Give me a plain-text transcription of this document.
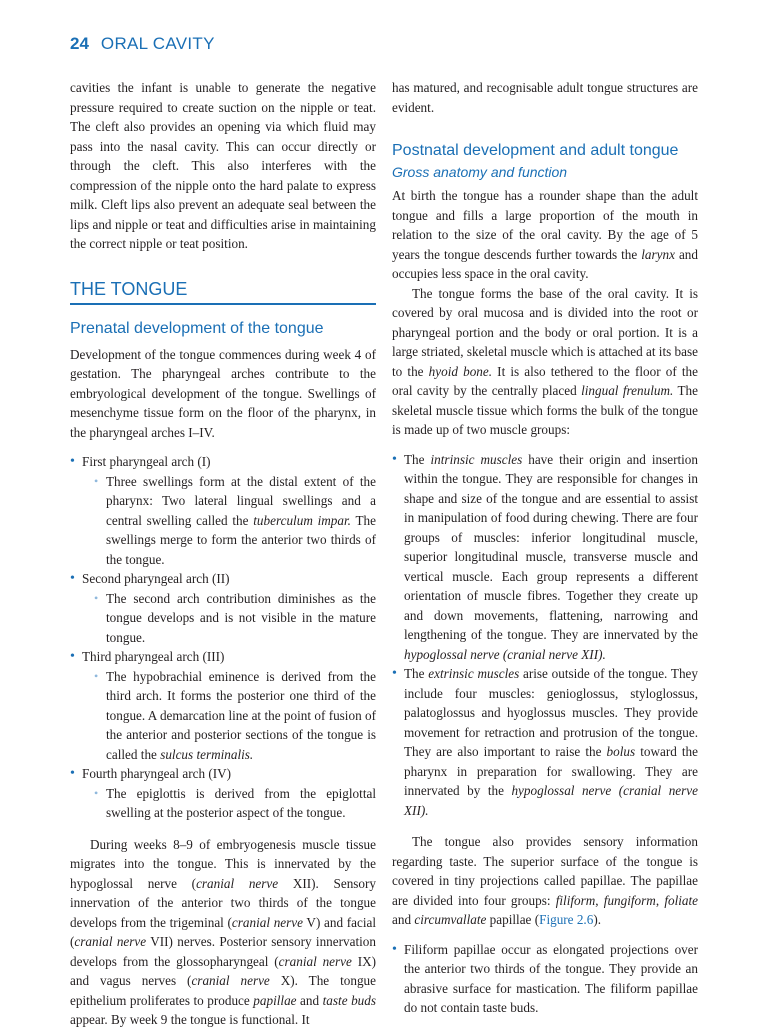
24 ORAL CAVITY

cavities the infant is unable to generate the negative pressure required to create suction on the nipple or teat. The cleft also provides an opening via which fluid may pass into the nasal cavity. This can occur directly or through the cleft. This also interferes with the compression of the nipple onto the hard palate to express milk. Cleft lips also prevent an adequate seal between the lips and nipple or teat and difficulties arise in maintaining the correct nipple or teat position.

THE TONGUE
Prenatal development of the tongue

Development of the tongue commences during week 4 of gestation. The pharyngeal arches contribute to the embryological development of the tongue. Swellings of mesenchyme tissue form on the floor of the pharynx, in the pharyngeal arches I–IV.

• First pharyngeal arch (I)
• Three swellings form at the distal extent of the pharynx: Two lateral lingual swellings and a central swelling called the tuberculum impar. The swellings merge to form the anterior two thirds of the tongue.
• Second pharyngeal arch (II)
• The second arch contribution diminishes as the tongue develops and is not visible in the mature tongue.
• Third pharyngeal arch (III)
• The hypobrachial eminence is derived from the third arch. It forms the posterior one third of the tongue. A demarcation line at the point of fusion of the anterior and posterior sections of the tongue is called the sulcus terminalis.
• Fourth pharyngeal arch (IV)
• The epiglottis is derived from the epiglottal swelling at the posterior aspect of the tongue.

During weeks 8–9 of embryogenesis muscle tissue migrates into the tongue. This is innervated by the hypoglossal nerve (cranial nerve XII). Sensory innervation of the anterior two thirds of the tongue develops from the trigeminal (cranial nerve V) and facial (cranial nerve VII) nerves. Posterior sensory innervation develops from the glossopharyngeal (cranial nerve IX) and vagus nerves (cranial nerve X). The tongue epithelium proliferates to produce papillae and taste buds appear. By week 9 the tongue is functional. It

has matured, and recognisable adult tongue structures are evident.

Postnatal development and adult tongue
Gross anatomy and function

At birth the tongue has a rounder shape than the adult tongue and fills a large proportion of the mouth in relation to the size of the oral cavity. By the age of 5 years the tongue descends further towards the larynx and occupies less space in the oral cavity.

The tongue forms the base of the oral cavity. It is covered by oral mucosa and is divided into the root or pharyngeal portion and the body or oral portion. It is a large striated, skeletal muscle which is attached at its base to the hyoid bone. It is also tethered to the floor of the oral cavity by the centrally placed lingual frenulum. The skeletal muscle tissue which forms the bulk of the tongue is made up of two muscle groups:

• The intrinsic muscles have their origin and insertion within the tongue. They are responsible for changes in shape and size of the tongue and are essential to assist in manipulation of food during chewing. There are four groups of muscles: inferior longitudinal muscle, superior longitudinal muscle, transverse muscle and vertical muscle. Each group represents a different orientation of muscle fibres. Together they create up and down movements, flattening, narrowing and lengthening of the tongue. They are innervated by the hypoglossal nerve (cranial nerve XII).
• The extrinsic muscles arise outside of the tongue. They include four muscles: genioglossus, styloglossus, palatoglossus and hyoglossus muscles. They provide movement for retraction and protrusion of the tongue. They are also important to raise the bolus toward the pharynx in preparation for swallowing. They are innervated by the hypoglossal nerve (cranial nerve XII).

The tongue also provides sensory information regarding taste. The superior surface of the tongue is covered in tiny projections called papillae. The papillae are divided into four groups: filiform, fungiform, foliate and circumvallate papillae (Figure 2.6).

• Filiform papillae occur as elongated projections over the anterior two thirds of the tongue. They provide an abrasive surface for mastication. The filiform papillae do not contain taste buds.
